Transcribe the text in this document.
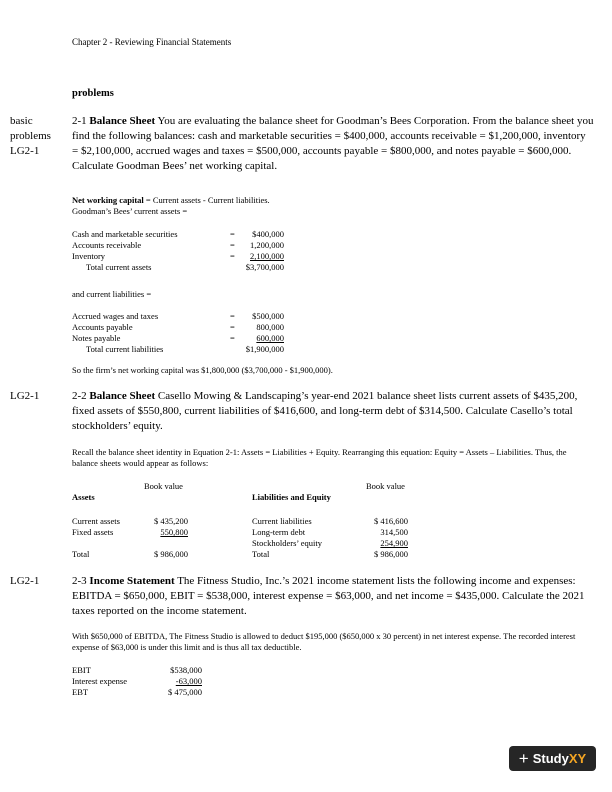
Chapter 2 - Reviewing Financial Statements
problems
basic
problems
LG2-1
2-1 Balance Sheet You are evaluating the balance sheet for Goodman’s Bees Corporation. From the balance sheet you find the following balances: cash and marketable securities = $400,000, accounts receivable = $1,200,000, inventory = $2,100,000, accrued wages and taxes = $500,000, accounts payable = $800,000, and notes payable = $600,000. Calculate Goodman Bees’ net working capital.
Net working capital = Current assets - Current liabilities.
Goodman’s Bees’ current assets =
Cash and marketable securities	=	$400,000
Accounts receivable	=	1,200,000
Inventory	=	2,100,000
Total current assets	$3,700,000
and current liabilities =
Accrued wages and taxes	=	$500,000
Accounts payable	=	800,000
Notes payable	=	600,000
Total current liabilities	$1,900,000
So the firm’s net working capital was $1,800,000 ($3,700,000 - $1,900,000).
LG2-1	2-2 Balance Sheet Casello Mowing & Landscaping’s year-end 2021 balance sheet lists current assets of $435,200, fixed assets of $550,800, current liabilities of $416,600, and long-term debt of $314,500. Calculate Casello’s total stockholders’ equity.
Recall the balance sheet identity in Equation 2-1: Assets = Liabilities + Equity. Rearranging this equation: Equity = Assets – Liabilities. Thus, the balance sheets would appear as follows:
Book value	Book value
Assets	Liabilities and Equity
Current assets	$ 435,200
Fixed assets	550,800
Total	$ 986,000
Current liabilities	$ 416,600
Long-term debt	314,500
Stockholders’ equity	254,900
Total	$ 986,000
LG2-1	2-3 Income Statement The Fitness Studio, Inc.’s 2021 income statement lists the following income and expenses: EBITDA = $650,000, EBIT = $538,000, interest expense = $63,000, and net income = $435,000. Calculate the 2021 taxes reported on the income statement.
With $650,000 of EBITDA, The Fitness Studio is allowed to deduct $195,000 ($650,000 x 30 percent) in net interest expense. The recorded interest expense of $63,000 is under this limit and is thus all tax deductible.
EBIT	$538,000
Interest expense	-63,000
EBT	$ 475,000
+ StudyXY
